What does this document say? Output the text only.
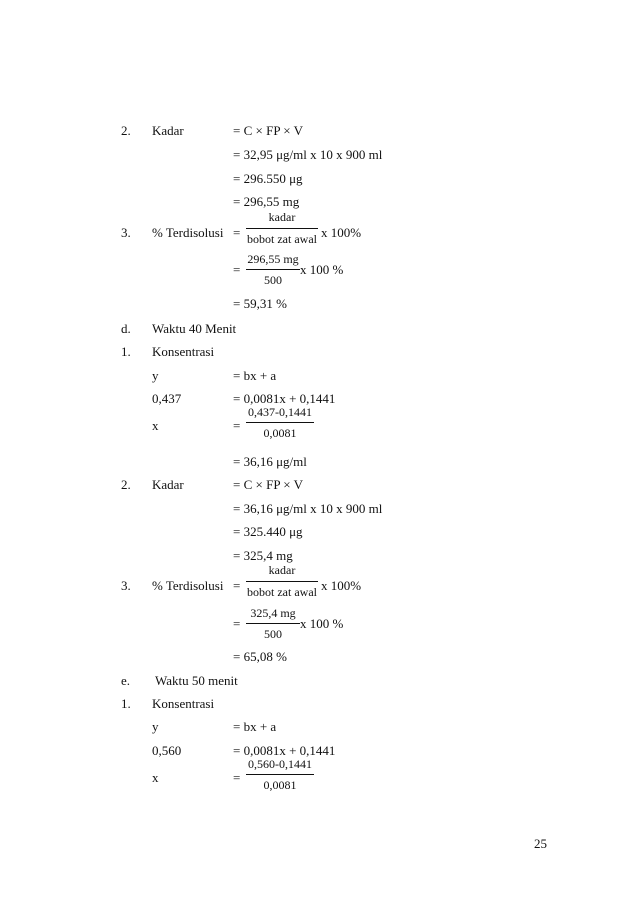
2. Kadar	= C × FP × V
= 32,95 μg/ml x 10 x 900 ml
= 296.550 μg
= 296,55 mg
3. % Terdisolusi =
kadar
bobot zat awal x 100%
=
296,55 mg
500
x 100 %
= 59,31 %
d. Waktu 40 Menit
1. Konsentrasi
y	= bx + a
0,437	= 0,0081x + 0,1441
x	=
0,437-0,1441
0,0081
= 36,16 μg/ml
2. Kadar	= C × FP × V
= 36,16 μg/ml x 10 x 900 ml
= 325.440 μg
= 325,4 mg
3. % Terdisolusi =
kadar
bobot zat awal x 100%
=
325,4 mg
500
x 100 %
= 65,08 %
e. Waktu 50 menit
1. Konsentrasi
y	= bx + a
0,560	= 0,0081x + 0,1441
x	=
0,560-0,1441
0,0081
25
